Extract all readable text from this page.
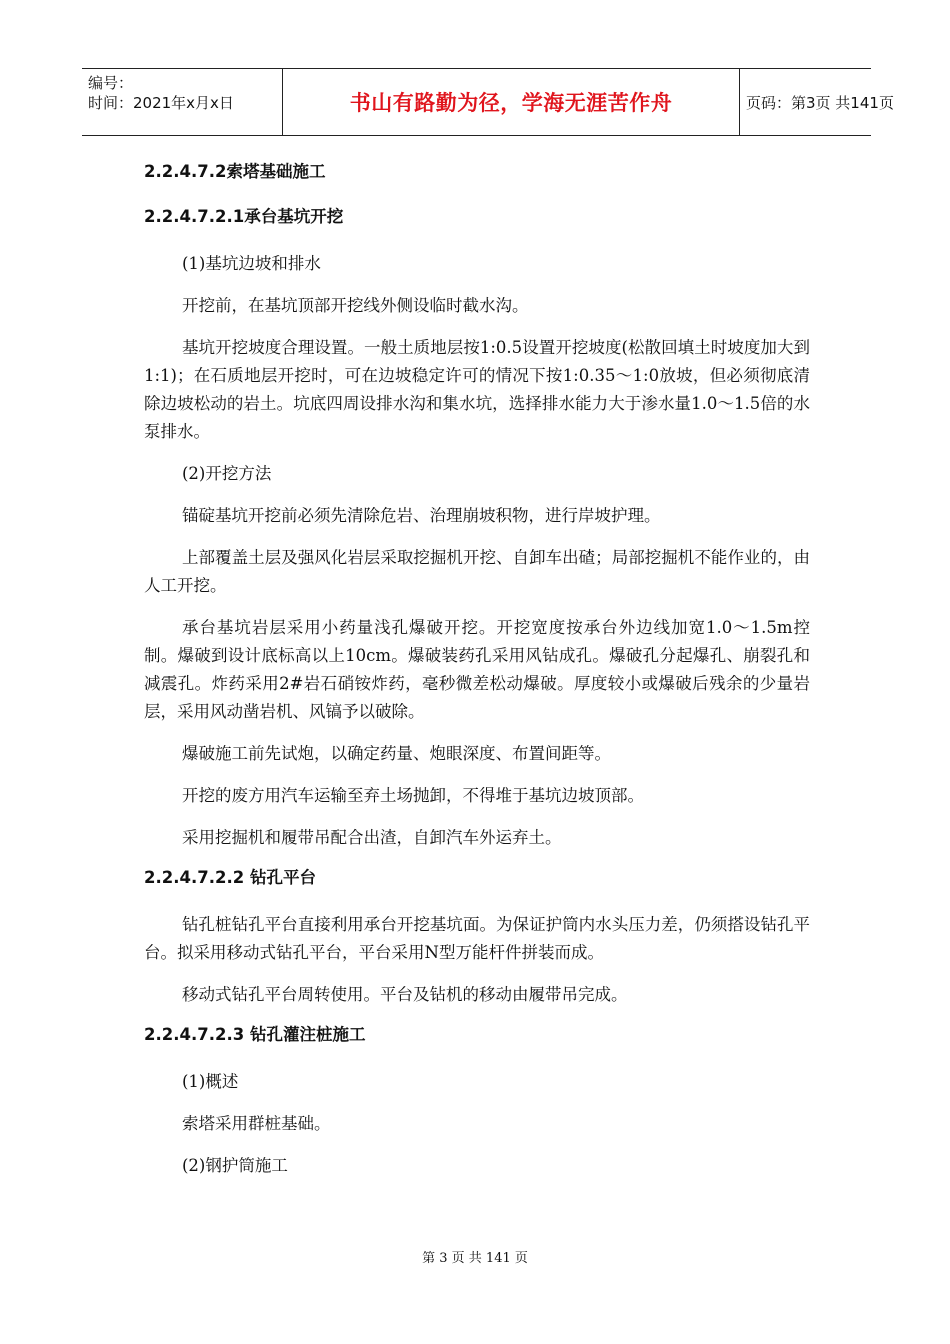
编号：
时间：2021年x月x日	书山有路勤为径，学海无涯苦作舟	页码：第3页 共141页
2.2.4.7.2索塔基础施工
2.2.4.7.2.1承台基坑开挖
(1)基坑边坡和排水
开挖前，在基坑顶部开挖线外侧设临时截水沟。
基坑开挖坡度合理设置。一般土质地层按1:0.5设置开挖坡度(松散回填土时坡度加大到1:1)；在石质地层开挖时，可在边坡稳定许可的情况下按1:0.35～1:0放坡，但必须彻底清除边坡松动的岩土。坑底四周设排水沟和集水坑，选择排水能力大于渗水量1.0～1.5倍的水泵排水。
(2)开挖方法
锚碇基坑开挖前必须先清除危岩、治理崩坡积物，进行岸坡护理。
上部覆盖土层及强风化岩层采取挖掘机开挖、自卸车出碴；局部挖掘机不能作业的，由人工开挖。
承台基坑岩层采用小药量浅孔爆破开挖。开挖宽度按承台外边线加宽1.0～1.5m控制。爆破到设计底标高以上10cm。爆破装药孔采用风钻成孔。爆破孔分起爆孔、崩裂孔和减震孔。炸药采用2#岩石硝铵炸药，毫秒微差松动爆破。厚度较小或爆破后残余的少量岩层，采用风动凿岩机、风镐予以破除。
爆破施工前先试炮，以确定药量、炮眼深度、布置间距等。
开挖的废方用汽车运输至弃土场抛卸，不得堆于基坑边坡顶部。
采用挖掘机和履带吊配合出渣，自卸汽车外运弃土。
2.2.4.7.2.2 钻孔平台
钻孔桩钻孔平台直接利用承台开挖基坑面。为保证护筒内水头压力差，仍须搭设钻孔平台。拟采用移动式钻孔平台，平台采用N型万能杆件拼装而成。
移动式钻孔平台周转使用。平台及钻机的移动由履带吊完成。
2.2.4.7.2.3 钻孔灌注桩施工
(1)概述
索塔采用群桩基础。
(2)钢护筒施工
第 3 页 共 141 页
